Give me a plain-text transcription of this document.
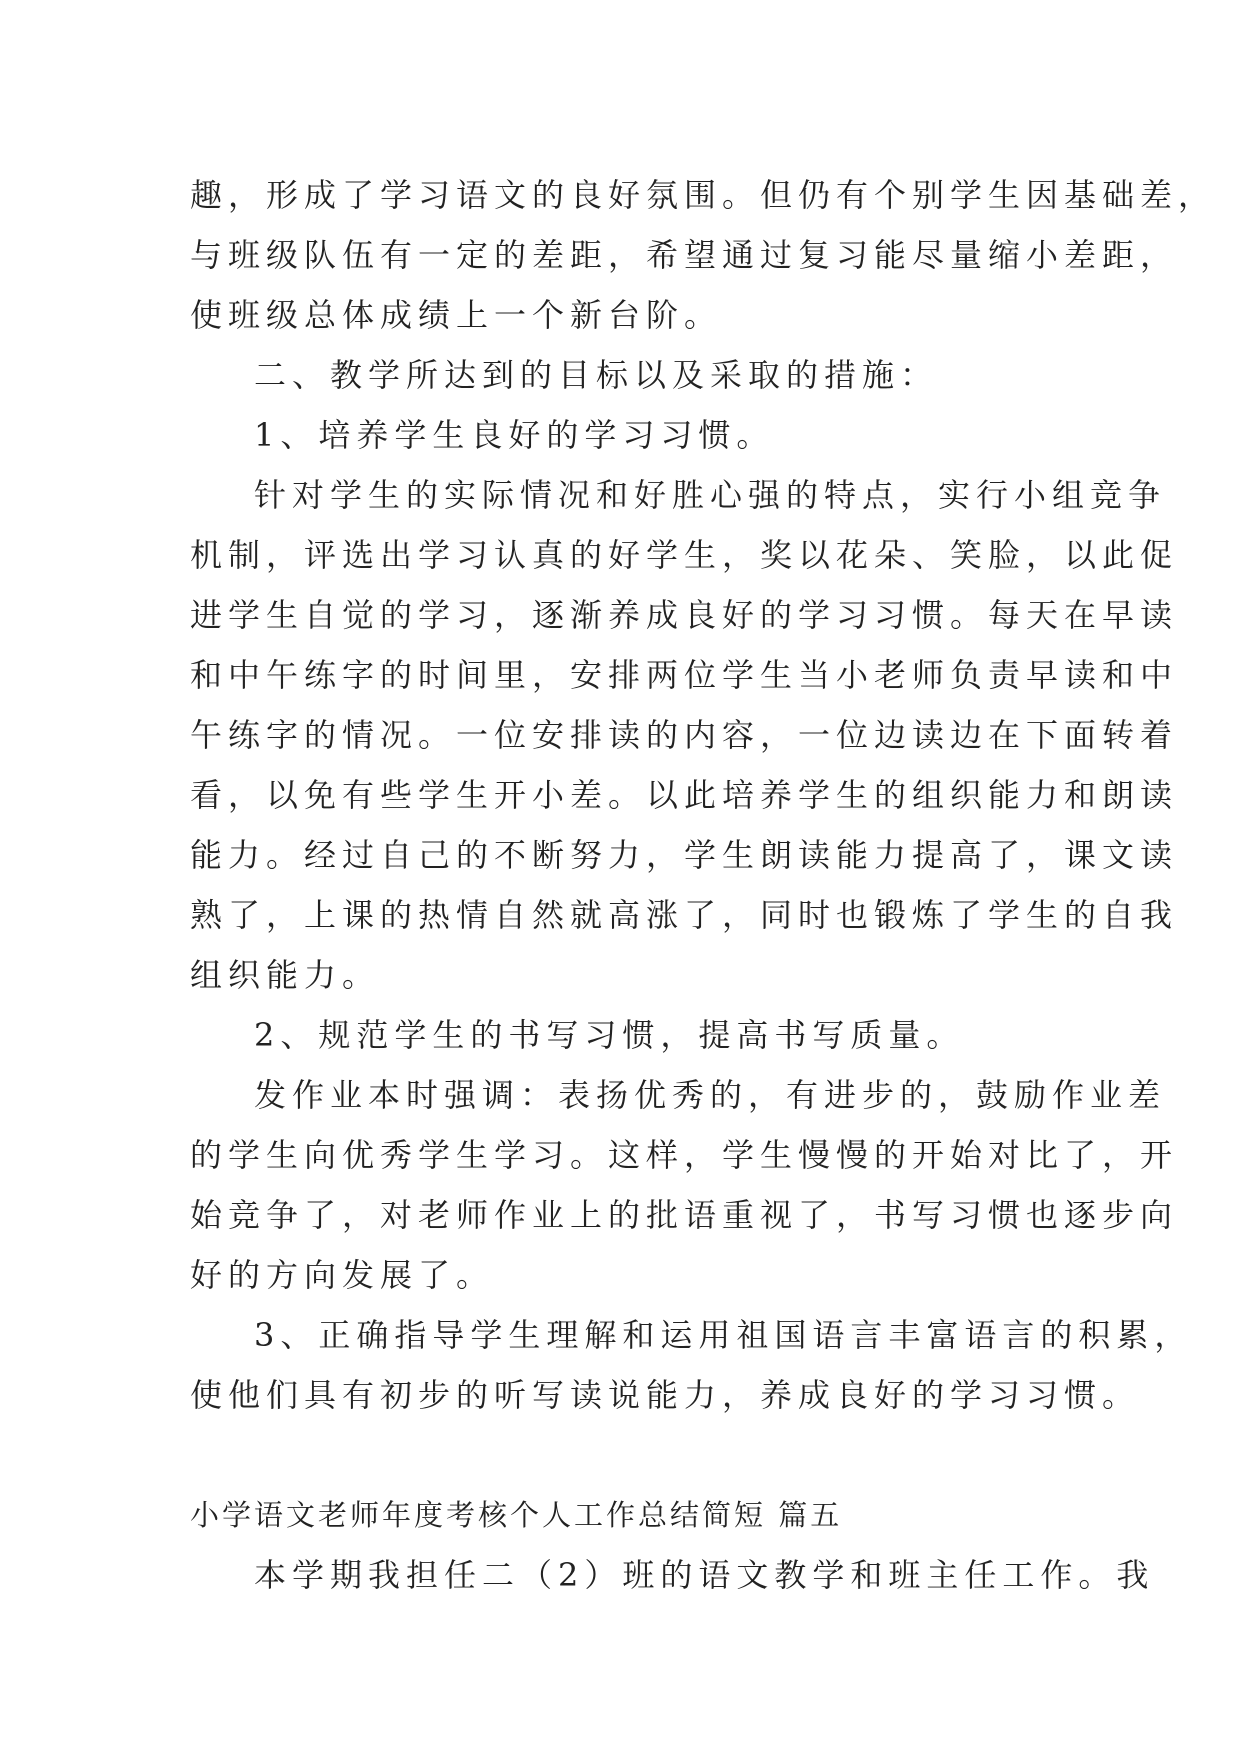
趣，形成了学习语文的良好氛围。但仍有个别学生因基础差，
与班级队伍有一定的差距，希望通过复习能尽量缩小差距，
使班级总体成绩上一个新台阶。
二、教学所达到的目标以及采取的措施：
1、培养学生良好的学习习惯。
针对学生的实际情况和好胜心强的特点，实行小组竞争
机制，评选出学习认真的好学生，奖以花朵、笑脸，以此促
进学生自觉的学习，逐渐养成良好的学习习惯。每天在早读
和中午练字的时间里，安排两位学生当小老师负责早读和中
午练字的情况。一位安排读的内容，一位边读边在下面转着
看，以免有些学生开小差。以此培养学生的组织能力和朗读
能力。经过自己的不断努力，学生朗读能力提高了，课文读
熟了，上课的热情自然就高涨了，同时也锻炼了学生的自我
组织能力。
2、规范学生的书写习惯，提高书写质量。
发作业本时强调：表扬优秀的，有进步的，鼓励作业差
的学生向优秀学生学习。这样，学生慢慢的开始对比了，开
始竞争了，对老师作业上的批语重视了，书写习惯也逐步向
好的方向发展了。
3、正确指导学生理解和运用祖国语言丰富语言的积累，
使他们具有初步的听写读说能力，养成良好的学习习惯。
小学语文老师年度考核个人工作总结简短 篇五
本学期我担任二（2）班的语文教学和班主任工作。我
